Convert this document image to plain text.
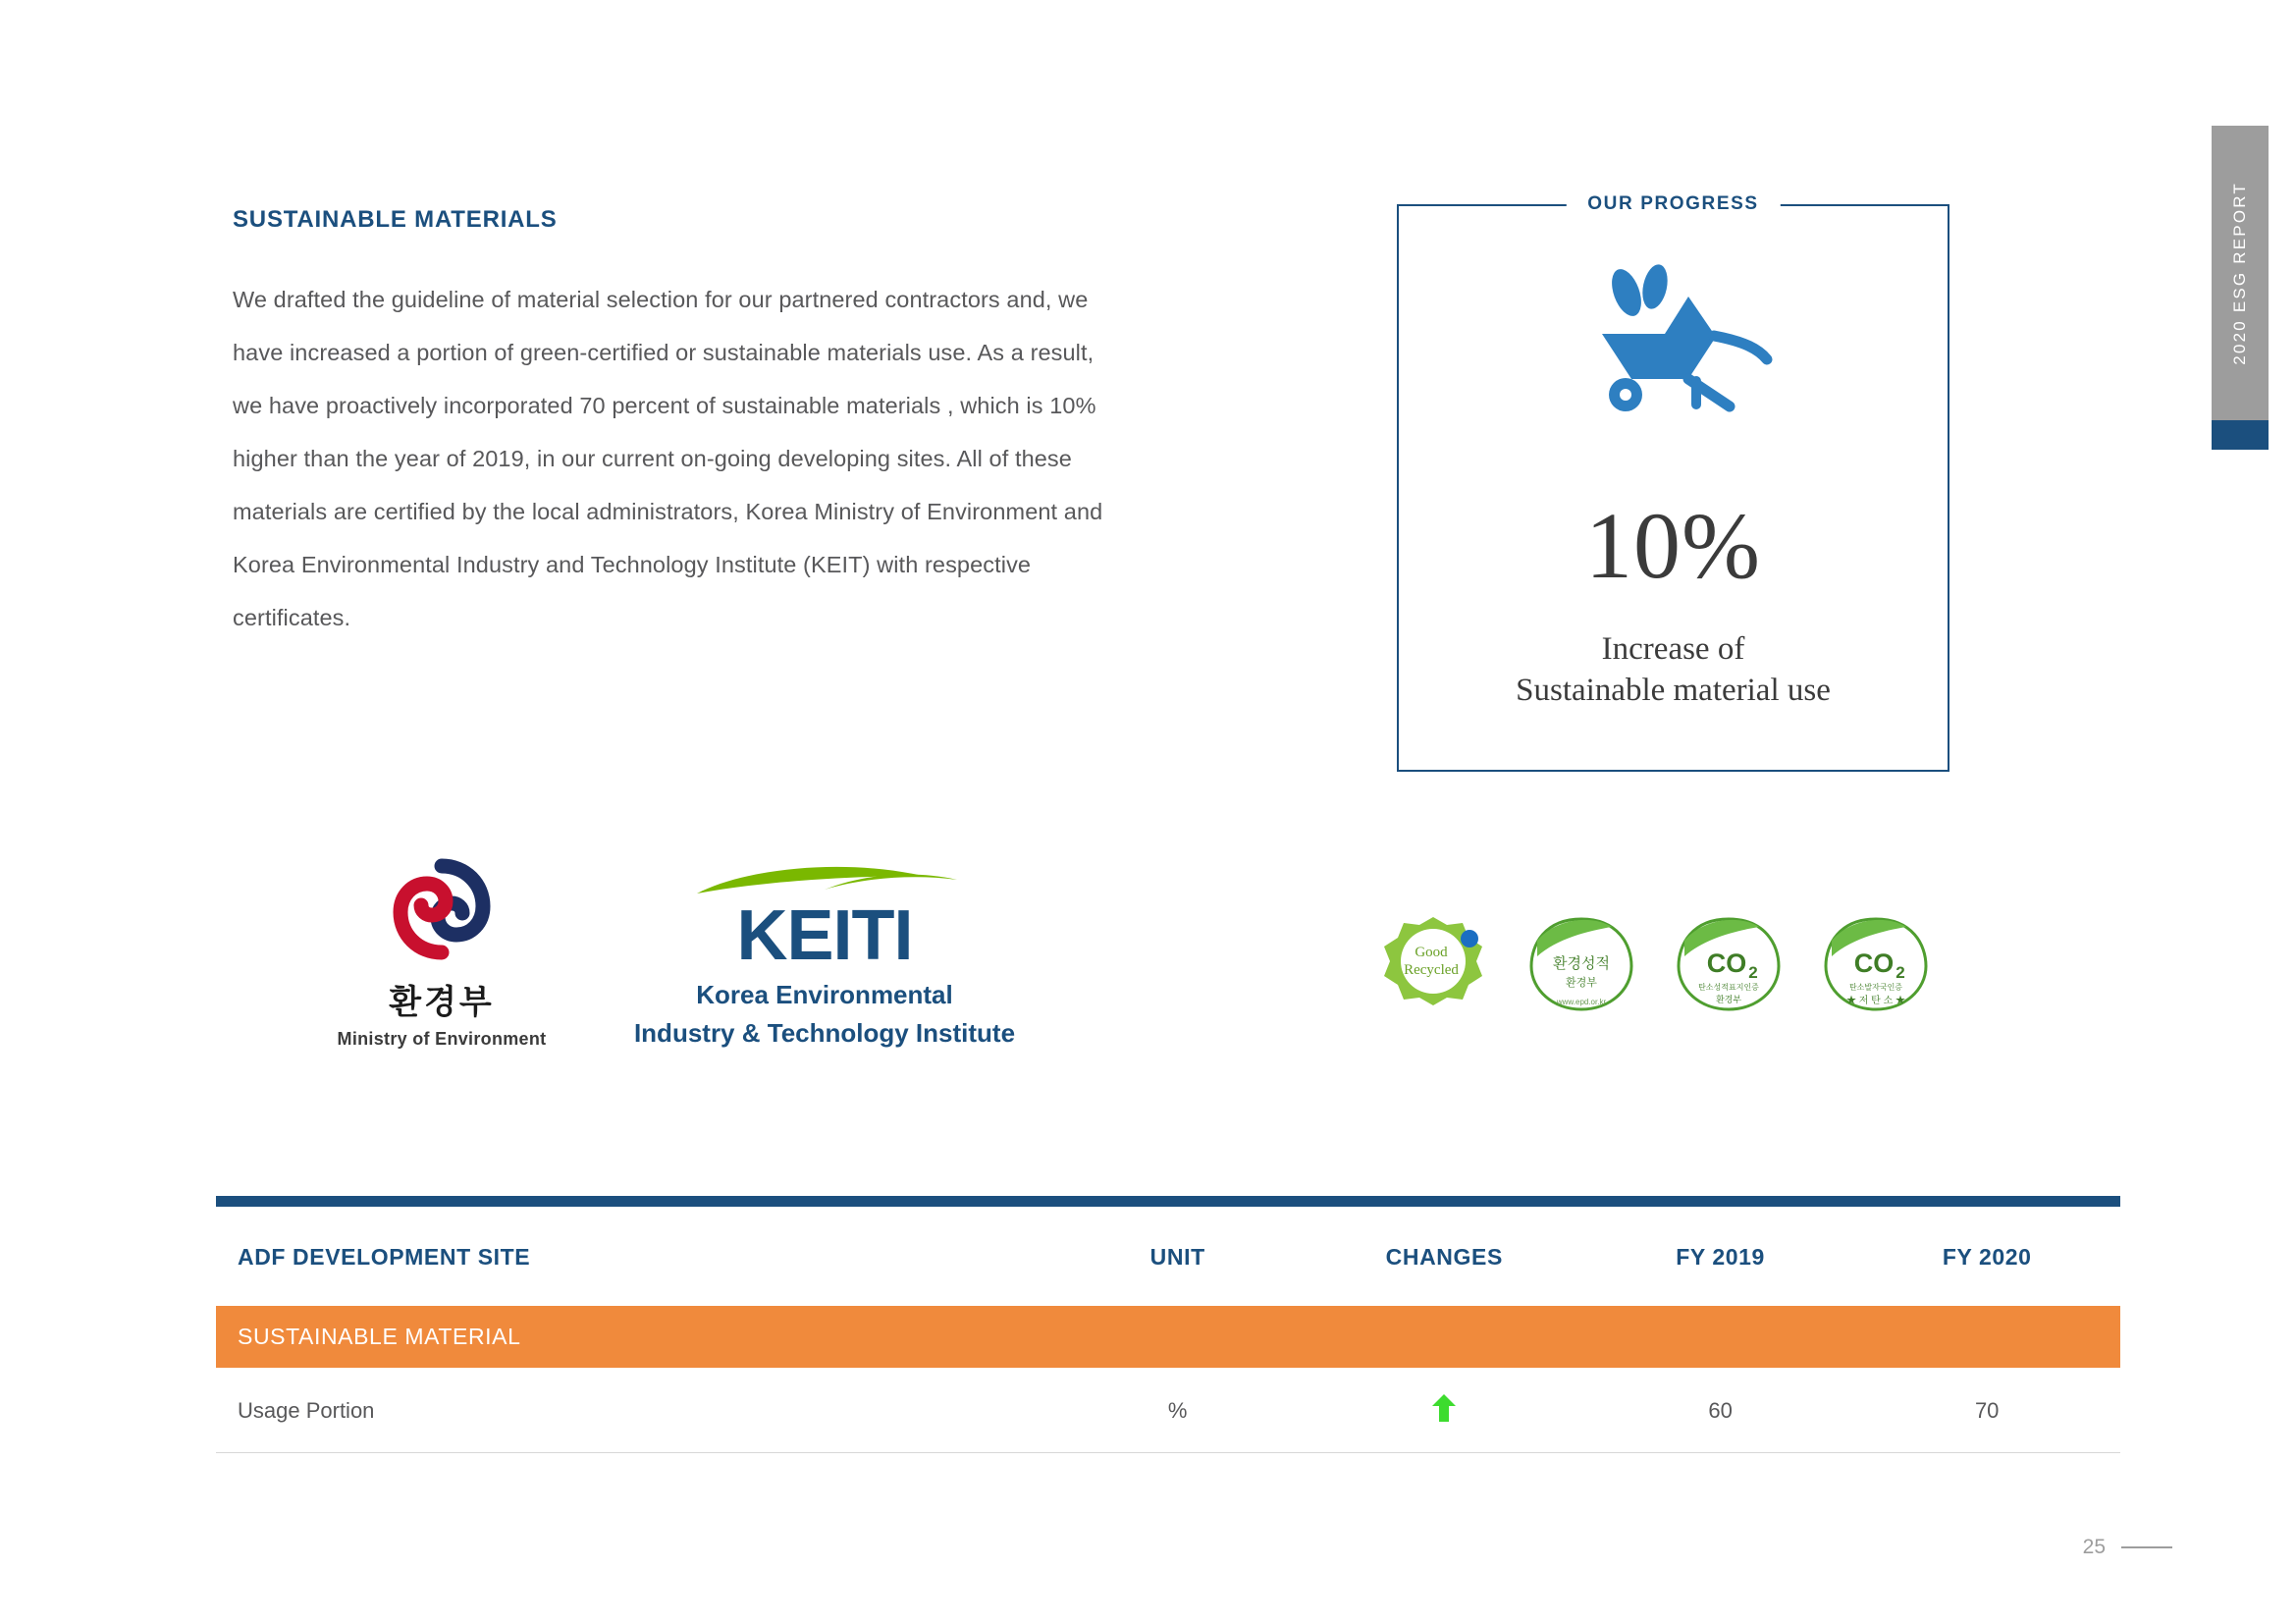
2020 ESG REPORT
SUSTAINABLE MATERIALS

We drafted the guideline of material selection for our partnered contractors and, we have increased a portion of green-certified or sustainable materials use. As a result, we have proactively incorporated 70 percent of sustainable materials , which is 10% higher than the year of 2019, in our current on-going developing sites. All of these materials are certified by the local administrators, Korea Ministry of Environment and Korea Environmental Industry and Technology Institute (KEIT) with respective certificates.

OUR PROGRESS
10%
Increase of
Sustainable material use
환경부
Ministry of Environment
KEITI
Korea Environmental
Industry & Technology Institute
Good
Recycled	환경성적
환경부
www.epd.or.kr
CO 2
탄소성적표지인증
환경부
CO 2
탄소발자국인증
★ 저 탄 소 ★
ADF DEVELOPMENT SITE	UNIT	CHANGES	FY 2019	FY 2020
SUSTAINABLE MATERIAL				
Usage Portion	%		60	70
25
